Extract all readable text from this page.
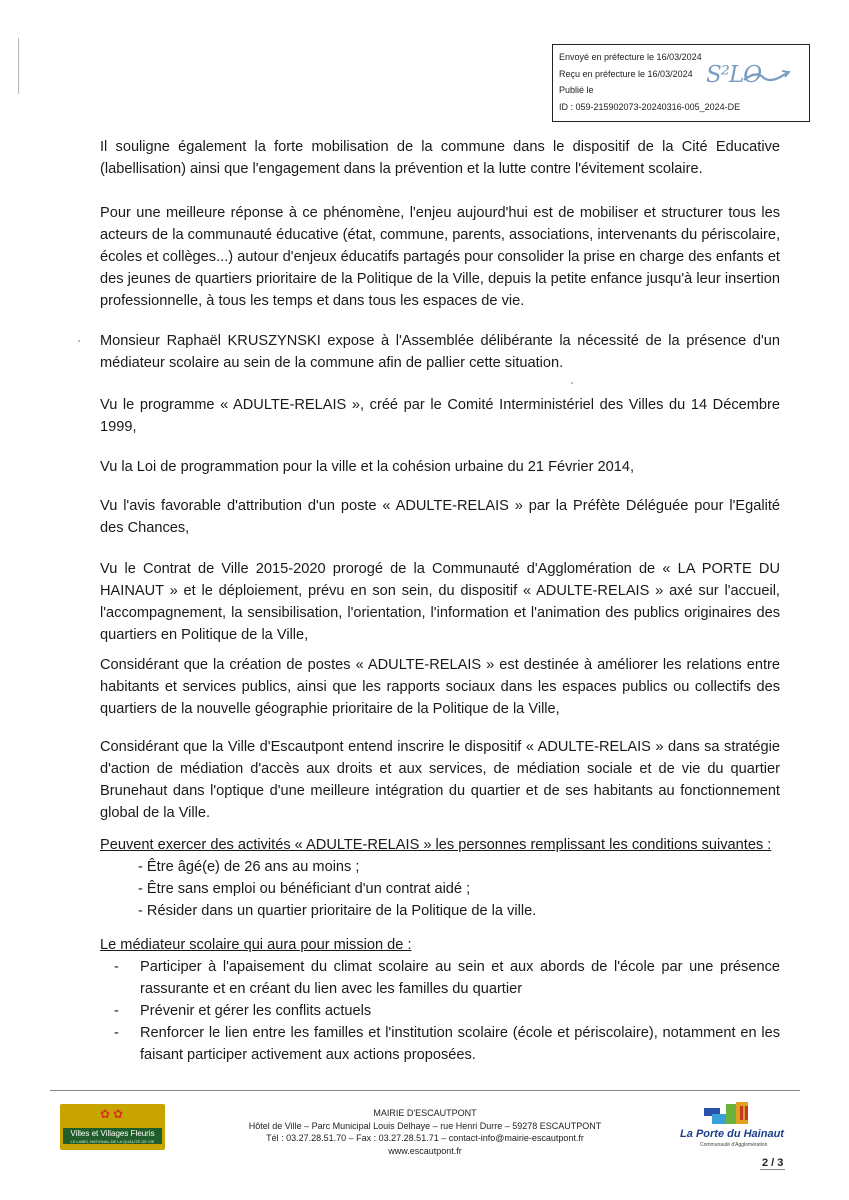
Envoyé en préfecture le 16/03/2024
Reçu en préfecture le 16/03/2024
Publié le
ID : 059-215902073-20240316-005_2024-DE
S²LO

Il souligne également la forte mobilisation de la commune dans le dispositif de la Cité Educative (labellisation) ainsi que l'engagement dans la prévention et la lutte contre l'évitement scolaire.

Pour une meilleure réponse à ce phénomène, l'enjeu aujourd'hui est de mobiliser et structurer tous les acteurs de la communauté éducative (état, commune, parents, associations, intervenants du périscolaire, écoles et collèges...) autour d'enjeux éducatifs partagés pour consolider la prise en charge des enfants et des jeunes de quartiers prioritaire de la Politique de la Ville, depuis la petite enfance jusqu'à leur insertion professionnelle, à tous les temps et dans tous les espaces de vie.

Monsieur Raphaël KRUSZYNSKI expose à l'Assemblée délibérante la nécessité de la présence d'un médiateur scolaire au sein de la commune afin de pallier cette situation.

Vu le programme « ADULTE-RELAIS », créé par le Comité Interministériel des Villes du 14 Décembre 1999,

Vu la Loi de programmation pour la ville et la cohésion urbaine du 21 Février 2014,

Vu l'avis favorable d'attribution d'un poste « ADULTE-RELAIS » par la Préfète Déléguée pour l'Egalité des Chances,

Vu le Contrat de Ville 2015-2020 prorogé de la Communauté d'Agglomération de « LA PORTE DU HAINAUT » et le déploiement, prévu en son sein, du dispositif « ADULTE-RELAIS » axé sur l'accueil, l'accompagnement, la sensibilisation, l'orientation, l'information et l'animation des publics originaires des quartiers en Politique de la Ville,

Considérant que la création de postes « ADULTE-RELAIS » est destinée à améliorer les relations entre habitants et services publics, ainsi que les rapports sociaux dans les espaces publics ou collectifs des quartiers de la nouvelle géographie prioritaire de la Politique de la Ville,

Considérant que la Ville d'Escautpont entend inscrire le dispositif « ADULTE-RELAIS » dans sa stratégie d'action de médiation d'accès aux droits et aux services, de médiation sociale et de vie du quartier Brunehaut dans l'optique d'une meilleure intégration du quartier et de ses habitants au fonctionnement global de la Ville.

Peuvent exercer des activités « ADULTE-RELAIS » les personnes remplissant les conditions suivantes :

- Être âgé(e) de 26 ans au moins ;
- Être sans emploi ou bénéficiant d'un contrat aidé ;
- Résider dans un quartier prioritaire de la Politique de la ville.

Le médiateur scolaire qui aura pour mission de :

- Participer à l'apaisement du climat scolaire au sein et aux abords de l'école par une présence rassurante et en créant du lien avec les familles du quartier
- Prévenir et gérer les conflits actuels
- Renforcer le lien entre les familles et l'institution scolaire (école et périscolaire), notamment en les faisant participer activement aux actions proposées.
✿✿
Villes et Villages Fleuris
LE LABEL NATIONAL DE LA QUALITÉ DE VIE
MAIRIE D'ESCAUTPONT
Hôtel de Ville – Parc Municipal Louis Delhaye – rue Henri Durre – 59278 ESCAUTPONT
Tél : 03.27.28.51.70 – Fax : 03.27.28.51.71 – contact-info@mairie-escautpont.fr
www.escautpont.fr
La Porte du Hainaut
Communauté d'Agglomération
2 / 3
